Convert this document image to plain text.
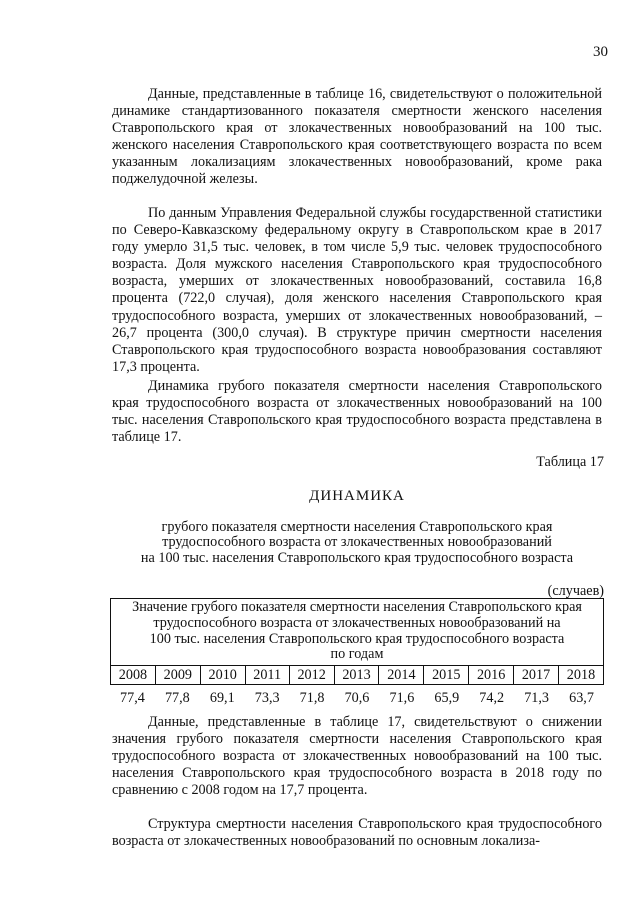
30

Данные, представленные в таблице 16, свидетельствуют о положительной динамике стандартизованного показателя смертности женского населения Ставропольского края от злокачественных новообразований на 100 тыс. женского населения Ставропольского края соответствующего возраста по всем указанным локализациям злокачественных новообразований, кроме рака поджелудочной железы.

По данным Управления Федеральной службы государственной статистики по Северо-Кавказскому федеральному округу в Ставропольском крае в 2017 году умерло 31,5 тыс. человек, в том числе 5,9 тыс. человек трудоспособного возраста. Доля мужского населения Ставропольского края трудоспособного возраста, умерших от злокачественных новообразований, составила 16,8 процента (722,0 случая), доля женского населения Ставропольского края трудоспособного возраста, умерших от злокачественных новообразований, – 26,7 процента (300,0 случая). В структуре причин смертности населения Ставропольского края трудоспособного возраста новообразования составляют 17,3 процента.

Динамика грубого показателя смертности населения Ставропольского края трудоспособного возраста от злокачественных новообразований на 100 тыс. населения Ставропольского края трудоспособного возраста представлена в таблице 17.

Таблица 17
ДИНАМИКА
грубого показателя смертности населения Ставропольского края
трудоспособного возраста от злокачественных новообразований
на 100 тыс. населения Ставропольского края трудоспособного возраста
(случаев)
Значение грубого показателя смертности населения Ставропольского края
трудоспособного возраста от злокачественных новообразований на
100 тыс. населения Ставропольского края трудоспособного возраста
по годам

2008	2009	2010	2011	2012	2013	2014	2015	2016	2017	2018
77,4	77,8	69,1	73,3	71,8	70,6	71,6	65,9	74,2	71,3	63,7

Данные, представленные в таблице 17, свидетельствуют о снижении значения грубого показателя смертности населения Ставропольского края трудоспособного возраста от злокачественных новообразований на 100 тыс. населения Ставропольского края трудоспособного возраста в 2018 году по сравнению с 2008 годом на 17,7 процента.

Структура смертности населения Ставропольского края трудоспособного возраста от злокачественных новообразований по основным локализа-
